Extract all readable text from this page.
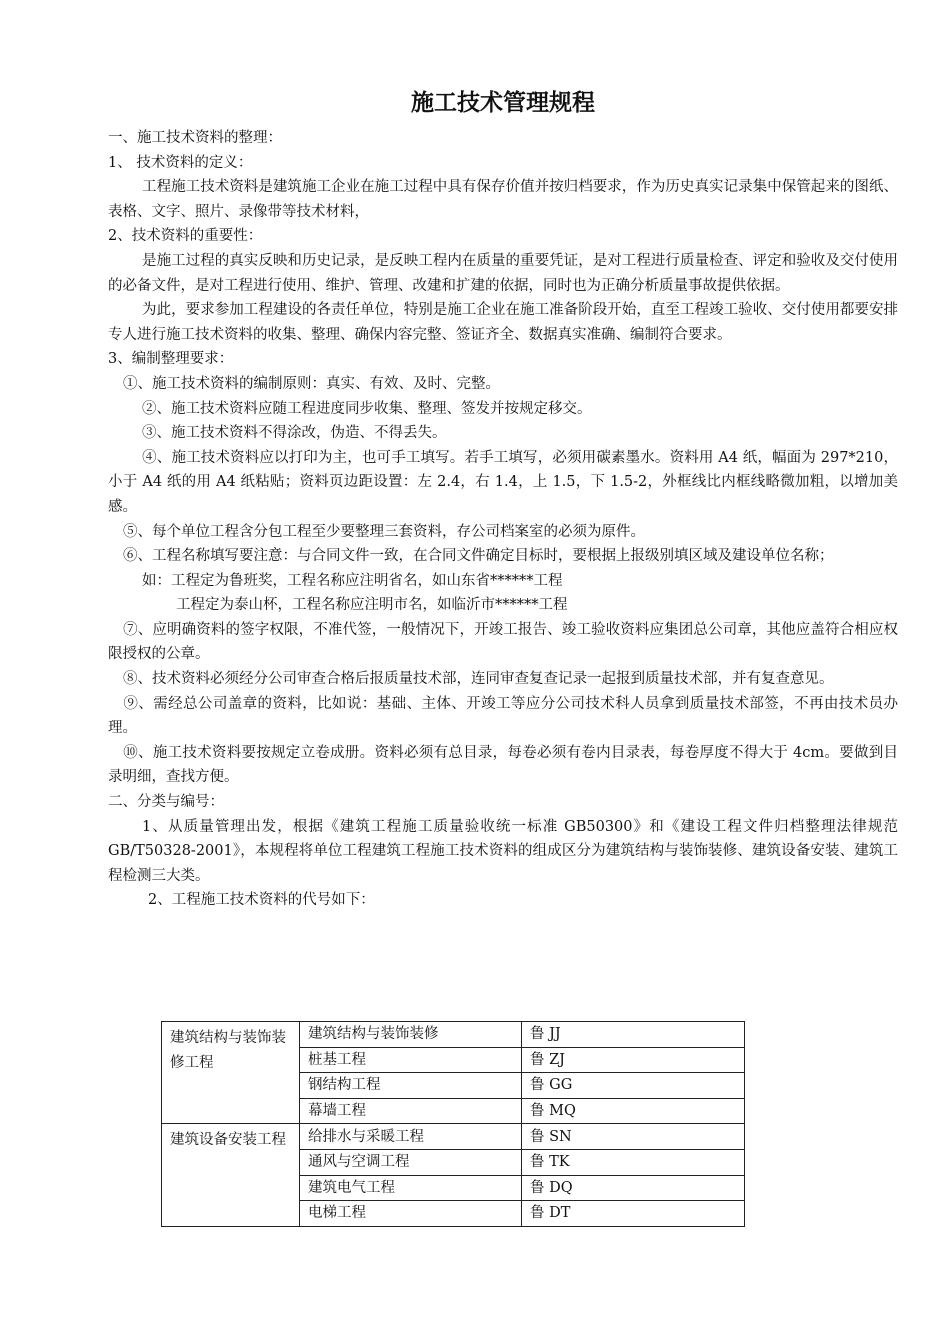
施工技术管理规程
一、施工技术资料的整理：
1、 技术资料的定义：
工程施工技术资料是建筑施工企业在施工过程中具有保存价值并按归档要求，作为历史真实记录集中保管起来的图纸、表格、文字、照片、录像带等技术材料，
2、技术资料的重要性：
是施工过程的真实反映和历史记录，是反映工程内在质量的重要凭证，是对工程进行质量检查、评定和验收及交付使用的必备文件，是对工程进行使用、维护、管理、改建和扩建的依据，同时也为正确分析质量事故提供依据。
为此，要求参加工程建设的各责任单位，特别是施工企业在施工准备阶段开始，直至工程竣工验收、交付使用都要安排专人进行施工技术资料的收集、整理、确保内容完整、签证齐全、数据真实准确、编制符合要求。
3、编制整理要求：
①、施工技术资料的编制原则：真实、有效、及时、完整。
②、施工技术资料应随工程进度同步收集、整理、签发并按规定移交。
③、施工技术资料不得涂改，伪造、不得丢失。
④、施工技术资料应以打印为主，也可手工填写。若手工填写，必须用碳素墨水。资料用 A4 纸，幅面为 297*210，小于 A4 纸的用 A4 纸粘贴；资料页边距设置：左 2.4，右 1.4，上 1.5，下 1.5-2，外框线比内框线略微加粗，以增加美感。
⑤、每个单位工程含分包工程至少要整理三套资料，存公司档案室的必须为原件。
⑥、工程名称填写要注意：与合同文件一致，在合同文件确定目标时，要根据上报级别填区域及建设单位名称；
如：工程定为鲁班奖，工程名称应注明省名，如山东省******工程
工程定为泰山杯，工程名称应注明市名，如临沂市******工程
⑦、应明确资料的签字权限，不准代签，一般情况下，开竣工报告、竣工验收资料应集团总公司章，其他应盖符合相应权限授权的公章。
⑧、技术资料必须经分公司审查合格后报质量技术部，连同审查复查记录一起报到质量技术部，并有复查意见。
⑨、需经总公司盖章的资料，比如说：基础、主体、开竣工等应分公司技术科人员拿到质量技术部签，不再由技术员办理。
⑩、施工技术资料要按规定立卷成册。资料必须有总目录，每卷必须有卷内目录表，每卷厚度不得大于 4cm。要做到目录明细，查找方便。
二、分类与编号：
1、从质量管理出发，根据《建筑工程施工质量验收统一标准 GB50300》和《建设工程文件归档整理法律规范 GB/T50328-2001》，本规程将单位工程建筑工程施工技术资料的组成区分为建筑结构与装饰装修、建筑设备安装、建筑工程检测三大类。
2、工程施工技术资料的代号如下：
建筑结构与装饰装修工程	建筑结构与装饰装修	鲁 JJ
	桩基工程	鲁 ZJ
	钢结构工程	鲁 GG
	幕墙工程	鲁 MQ
建筑设备安装工程	给排水与采暖工程	鲁 SN
	通风与空调工程	鲁 TK
	建筑电气工程	鲁 DQ
	电梯工程	鲁 DT
